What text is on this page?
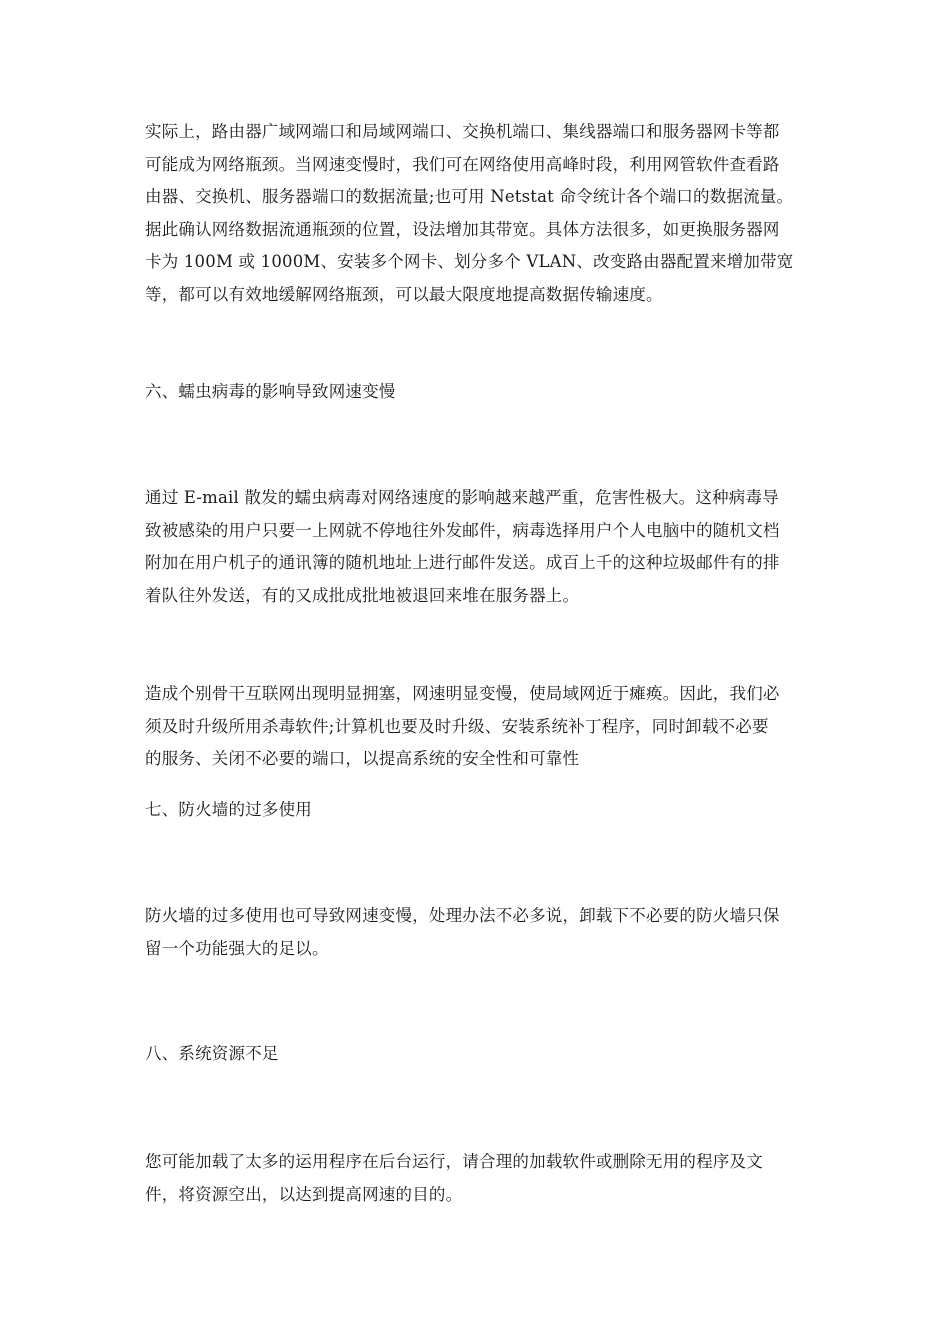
实际上，路由器广域网端口和局域网端口、交换机端口、集线器端口和服务器网卡等都
可能成为网络瓶颈。当网速变慢时，我们可在网络使用高峰时段，利用网管软件查看路
由器、交换机、服务器端口的数据流量;也可用 Netstat 命令统计各个端口的数据流量。
据此确认网络数据流通瓶颈的位置，设法增加其带宽。具体方法很多，如更换服务器网
卡为 100M 或 1000M、安装多个网卡、划分多个 VLAN、改变路由器配置来增加带宽
等，都可以有效地缓解网络瓶颈，可以最大限度地提高数据传输速度。
六、蠕虫病毒的影响导致网速变慢
通过 E-mail 散发的蠕虫病毒对网络速度的影响越来越严重，危害性极大。这种病毒导
致被感染的用户只要一上网就不停地往外发邮件，病毒选择用户个人电脑中的随机文档
附加在用户机子的通讯簿的随机地址上进行邮件发送。成百上千的这种垃圾邮件有的排
着队往外发送，有的又成批成批地被退回来堆在服务器上。
造成个别骨干互联网出现明显拥塞，网速明显变慢，使局域网近于瘫痪。因此，我们必
须及时升级所用杀毒软件;计算机也要及时升级、安装系统补丁程序，同时卸载不必要
的服务、关闭不必要的端口，以提高系统的安全性和可靠性
七、防火墙的过多使用
防火墙的过多使用也可导致网速变慢，处理办法不必多说，卸载下不必要的防火墙只保
留一个功能强大的足以。
八、系统资源不足
您可能加载了太多的运用程序在后台运行，请合理的加载软件或删除无用的程序及文
件，将资源空出，以达到提高网速的目的。
